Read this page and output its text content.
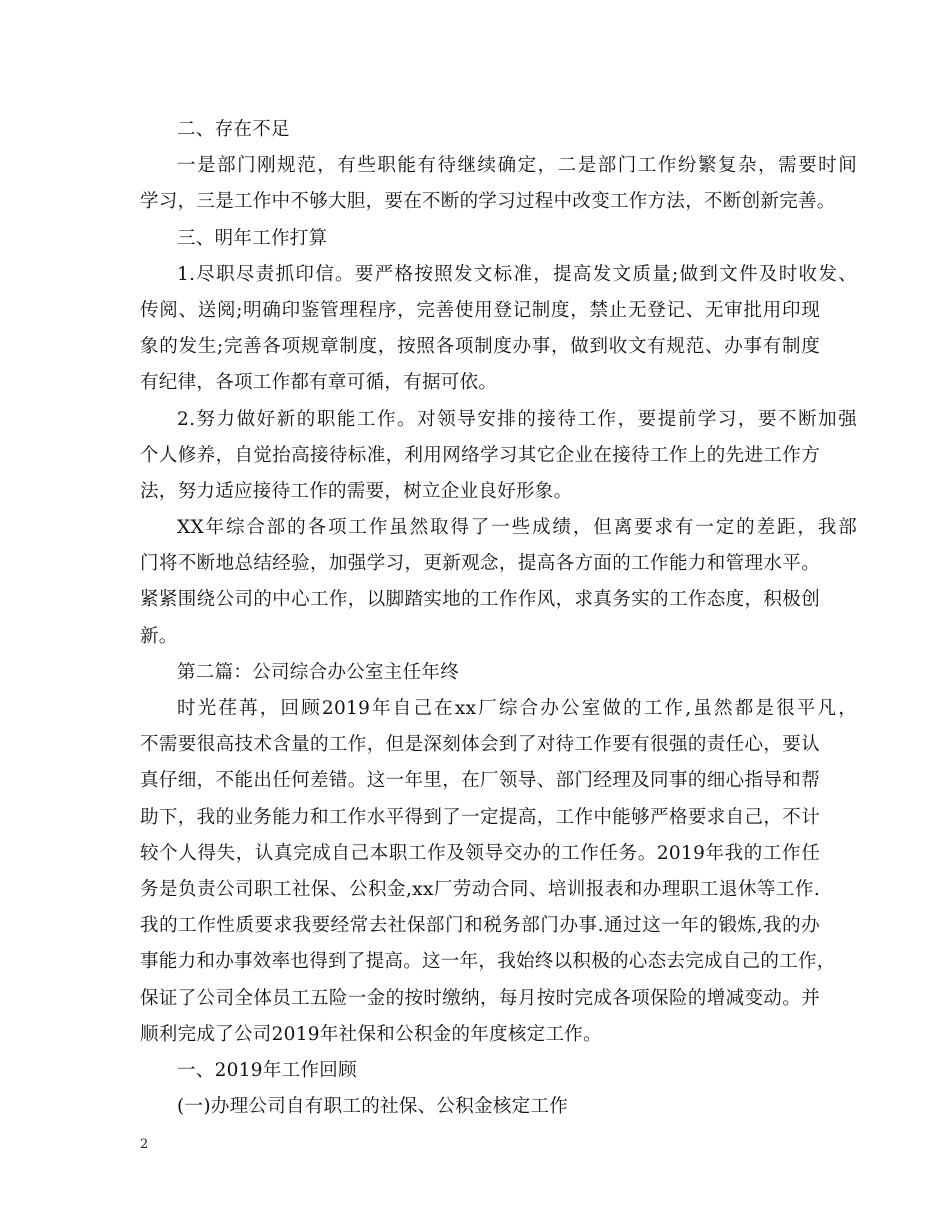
二、存在不足
一是部门刚规范，有些职能有待继续确定，二是部门工作纷繁复杂，需要时间
学习，三是工作中不够大胆，要在不断的学习过程中改变工作方法，不断创新完善。
三、明年工作打算
1.尽职尽责抓印信。要严格按照发文标准，提高发文质量;做到文件及时收发、
传阅、送阅;明确印鉴管理程序，完善使用登记制度，禁止无登记、无审批用印现
象的发生;完善各项规章制度，按照各项制度办事，做到收文有规范、办事有制度
有纪律，各项工作都有章可循，有据可依。
2.努力做好新的职能工作。对领导安排的接待工作，要提前学习，要不断加强
个人修养，自觉抬高接待标准，利用网络学习其它企业在接待工作上的先进工作方
法，努力适应接待工作的需要，树立企业良好形象。
XX年综合部的各项工作虽然取得了一些成绩，但离要求有一定的差距，我部
门将不断地总结经验，加强学习，更新观念，提高各方面的工作能力和管理水平。
紧紧围绕公司的中心工作，以脚踏实地的工作作风，求真务实的工作态度，积极创
新。
第二篇：公司综合办公室主任年终
时光荏苒，回顾2019年自己在xx厂综合办公室做的工作,虽然都是很平凡，
不需要很高技术含量的工作，但是深刻体会到了对待工作要有很强的责任心，要认
真仔细，不能出任何差错。这一年里，在厂领导、部门经理及同事的细心指导和帮
助下，我的业务能力和工作水平得到了一定提高，工作中能够严格要求自己，不计
较个人得失，认真完成自己本职工作及领导交办的工作任务。2019年我的工作任
务是负责公司职工社保、公积金,xx厂劳动合同、培训报表和办理职工退休等工作.
我的工作性质要求我要经常去社保部门和税务部门办事.通过这一年的锻炼,我的办
事能力和办事效率也得到了提高。这一年，我始终以积极的心态去完成自己的工作，
保证了公司全体员工五险一金的按时缴纳，每月按时完成各项保险的增减变动。并
顺利完成了公司2019年社保和公积金的年度核定工作。
一、2019年工作回顾
(一)办理公司自有职工的社保、公积金核定工作
2
